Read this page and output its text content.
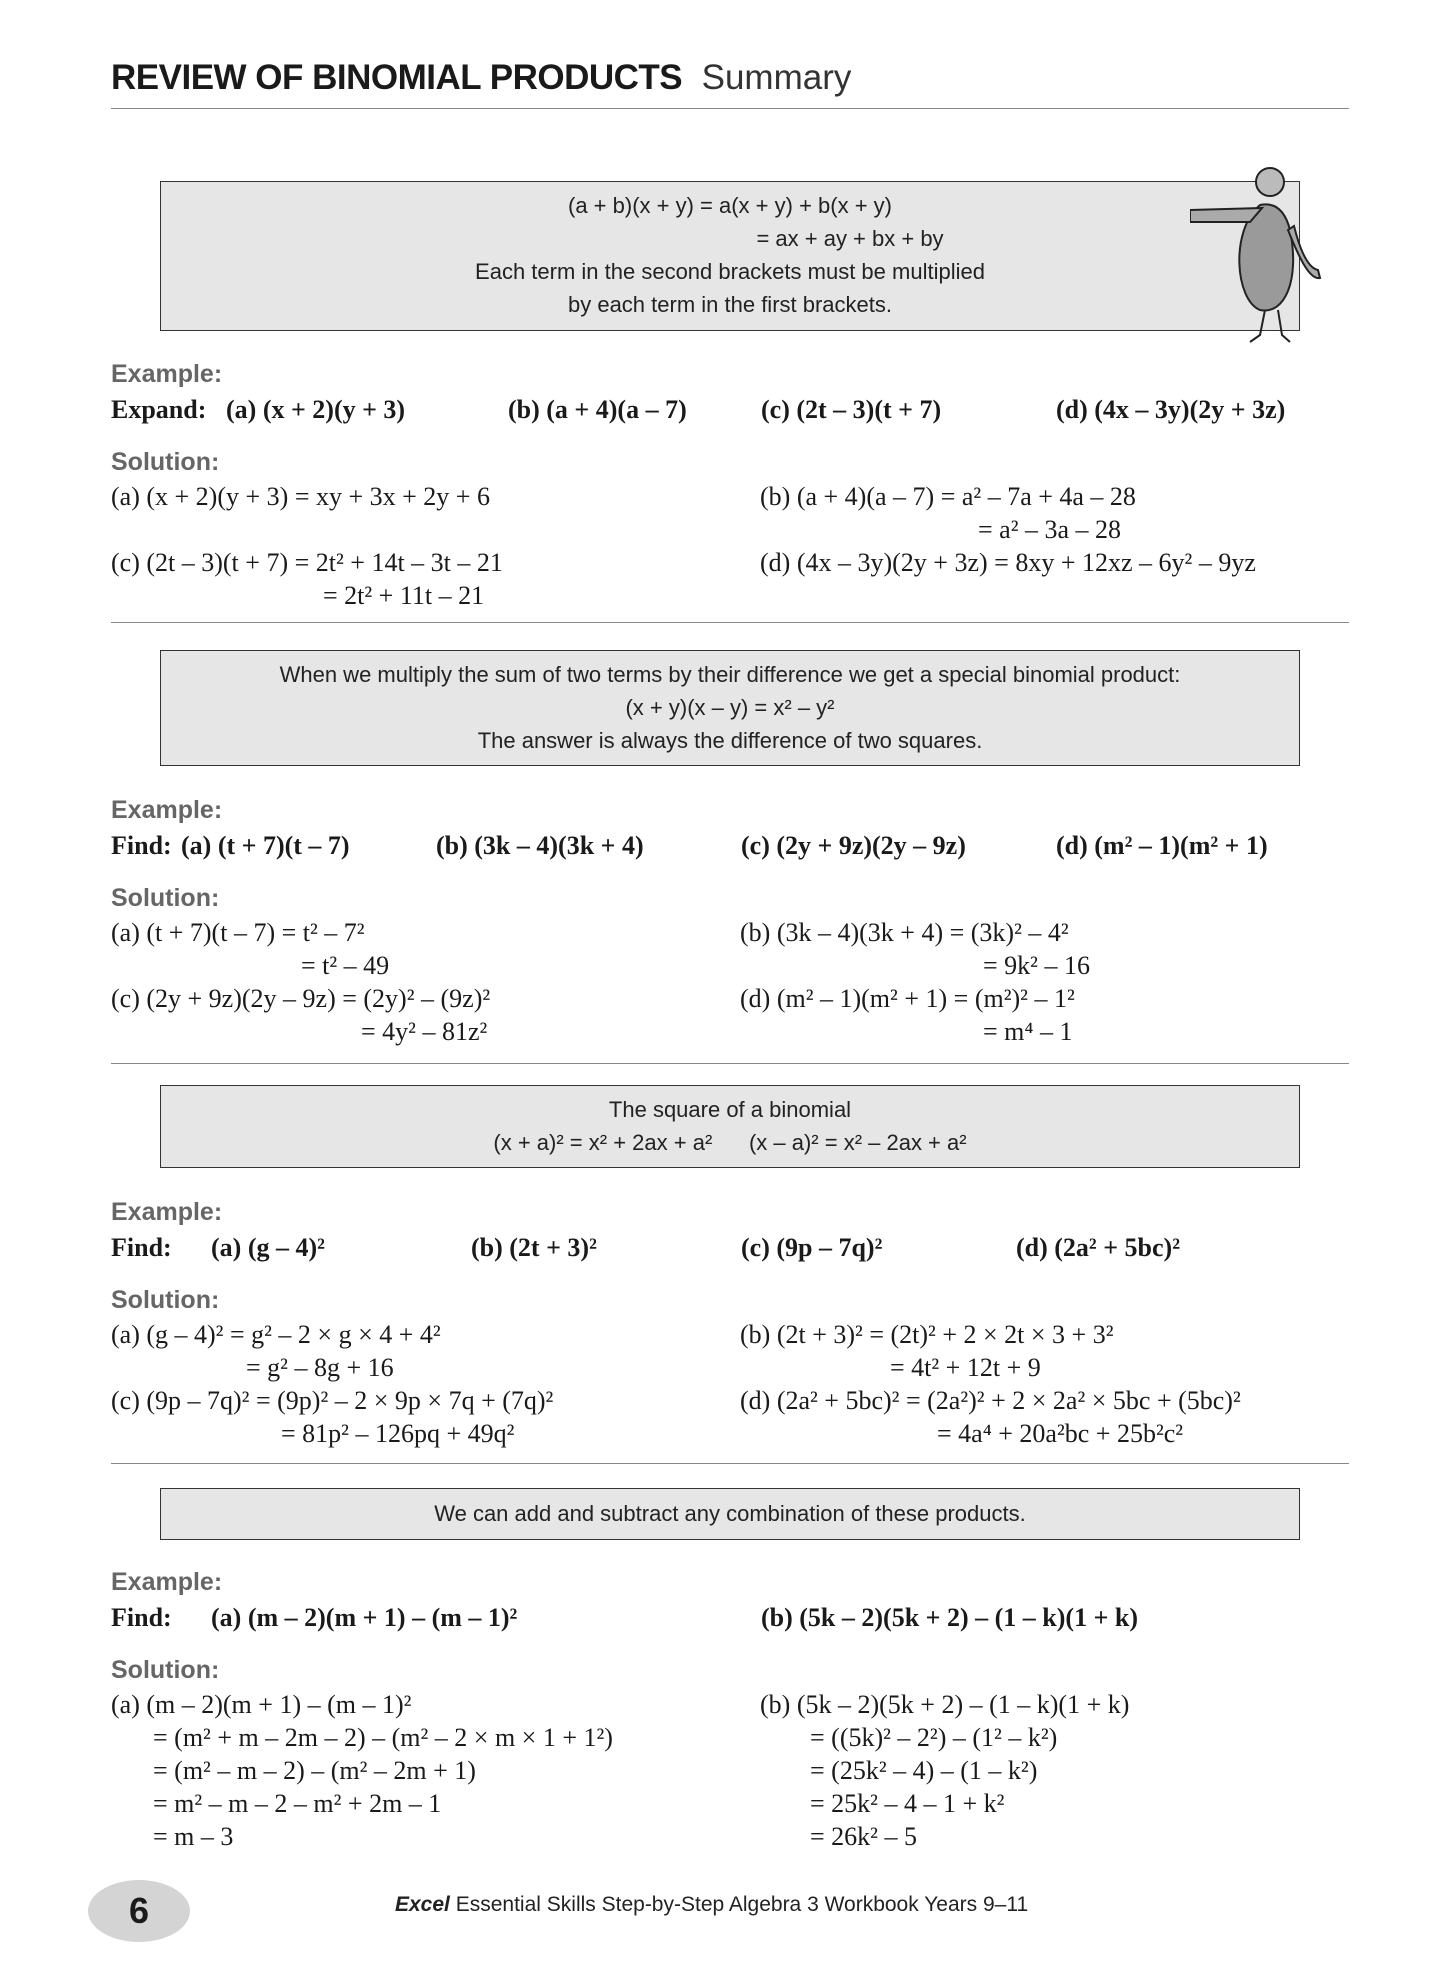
REVIEW OF BINOMIAL PRODUCTS Summary
(a + b)(x + y) = a(x + y) + b(x + y)
= ax + ay + bx + by
Each term in the second brackets must be multiplied
by each term in the first brackets.
Example:
Expand: (a) (x + 2)(y + 3)	(b) (a + 4)(a – 7)	(c) (2t – 3)(t + 7)	(d) (4x – 3y)(2y + 3z)
Solution:
(a) (x + 2)(y + 3) = xy + 3x + 2y + 6	(b) (a + 4)(a – 7) = a² – 7a + 4a – 28
= a² – 3a – 28
(c) (2t – 3)(t + 7) = 2t² + 14t – 3t – 21
= 2t² + 11t – 21
(d) (4x – 3y)(2y + 3z) = 8xy + 12xz – 6y² – 9yz
When we multiply the sum of two terms by their difference we get a special binomial product:
(x + y)(x – y) = x² – y²
The answer is always the difference of two squares.
Example:
Find: (a) (t + 7)(t – 7)	(b) (3k – 4)(3k + 4)	(c) (2y + 9z)(2y – 9z)	(d) (m² – 1)(m² + 1)
Solution:
(a) (t + 7)(t – 7) = t² – 7²
= t² – 49
(b) (3k – 4)(3k + 4) = (3k)² – 4²
= 9k² – 16
(c) (2y + 9z)(2y – 9z) = (2y)² – (9z)²
= 4y² – 81z²
(d) (m² – 1)(m² + 1) = (m²)² – 1²
= m⁴ – 1
The square of a binomial
(x + a)² = x² + 2ax + a²      (x – a)² = x² – 2ax + a²
Example:
Find: (a) (g – 4)²	(b) (2t + 3)²	(c) (9p – 7q)²	(d) (2a² + 5bc)²
Solution:
(a) (g – 4)² = g² – 2 × g × 4 + 4²
= g² – 8g + 16
(b) (2t + 3)² = (2t)² + 2 × 2t × 3 + 3²
= 4t² + 12t + 9
(c) (9p – 7q)² = (9p)² – 2 × 9p × 7q + (7q)²
= 81p² – 126pq + 49q²
(d) (2a² + 5bc)² = (2a²)² + 2 × 2a² × 5bc + (5bc)²
= 4a⁴ + 20a²bc + 25b²c²
We can add and subtract any combination of these products.
Example:
Find: (a) (m – 2)(m + 1) – (m – 1)²	(b) (5k – 2)(5k + 2) – (1 – k)(1 + k)
Solution:
(a) (m – 2)(m + 1) – (m – 1)²
= (m² + m – 2m – 2) – (m² – 2 × m × 1 + 1²)
= (m² – m – 2) – (m² – 2m + 1)
= m² – m – 2 – m² + 2m – 1
= m – 3
(b) (5k – 2)(5k + 2) – (1 – k)(1 + k)
= ((5k)² – 2²) – (1² – k²)
= (25k² – 4) – (1 – k²)
= 25k² – 4 – 1 + k²
= 26k² – 5
6	Excel Essential Skills Step-by-Step Algebra 3 Workbook Years 9–11
